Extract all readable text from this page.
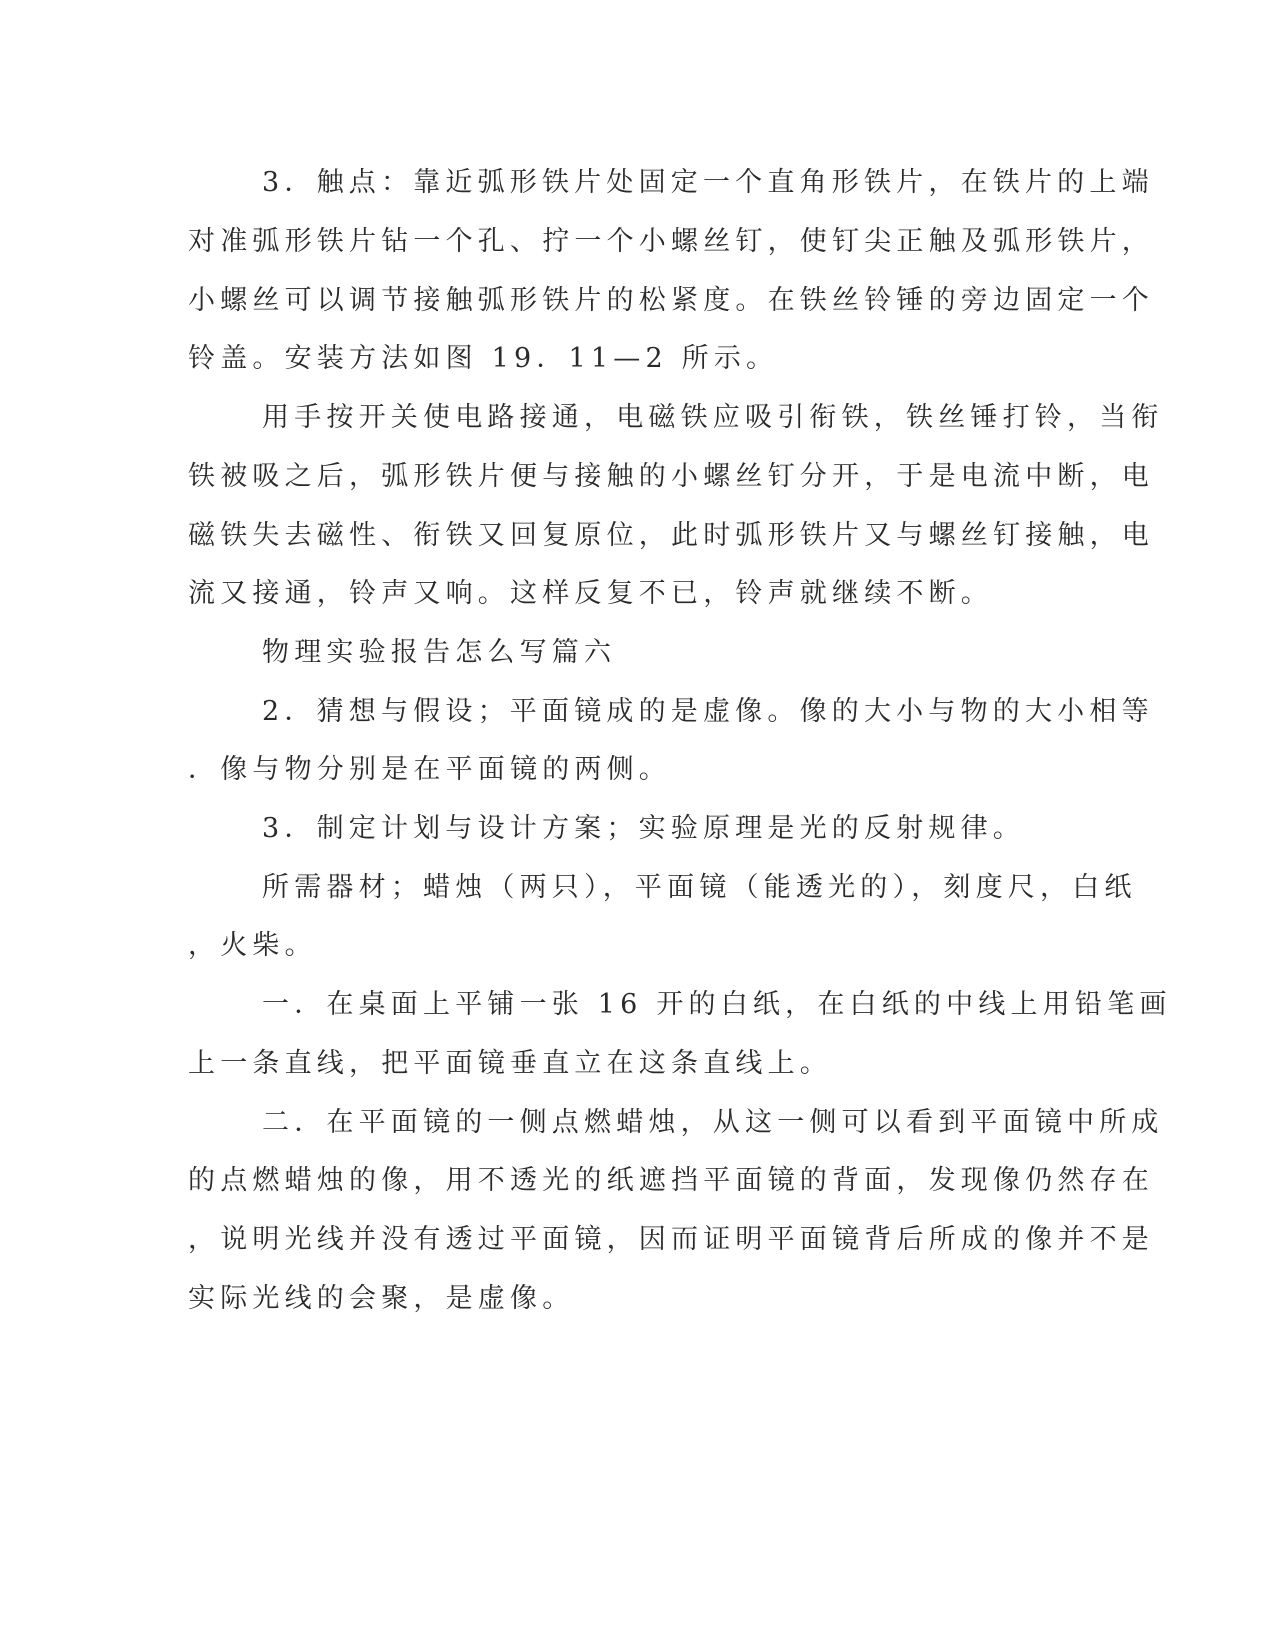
3．触点：靠近弧形铁片处固定一个直角形铁片，在铁片的上端
对准弧形铁片钻一个孔、拧一个小螺丝钉，使钉尖正触及弧形铁片，
小螺丝可以调节接触弧形铁片的松紧度。在铁丝铃锤的旁边固定一个
铃盖。安装方法如图 19．11—2 所示。
用手按开关使电路接通，电磁铁应吸引衔铁，铁丝锤打铃，当衔
铁被吸之后，弧形铁片便与接触的小螺丝钉分开，于是电流中断，电
磁铁失去磁性、衔铁又回复原位，此时弧形铁片又与螺丝钉接触，电
流又接通，铃声又响。这样反复不已，铃声就继续不断。
物理实验报告怎么写篇六
2．猜想与假设；平面镜成的是虚像。像的大小与物的大小相等
．像与物分别是在平面镜的两侧。
3．制定计划与设计方案；实验原理是光的反射规律。
所需器材；蜡烛（两只），平面镜（能透光的），刻度尺，白纸
，火柴。
一．在桌面上平铺一张 16 开的白纸，在白纸的中线上用铅笔画
上一条直线，把平面镜垂直立在这条直线上。
二．在平面镜的一侧点燃蜡烛，从这一侧可以看到平面镜中所成
的点燃蜡烛的像，用不透光的纸遮挡平面镜的背面，发现像仍然存在
，说明光线并没有透过平面镜，因而证明平面镜背后所成的像并不是
实际光线的会聚，是虚像。
